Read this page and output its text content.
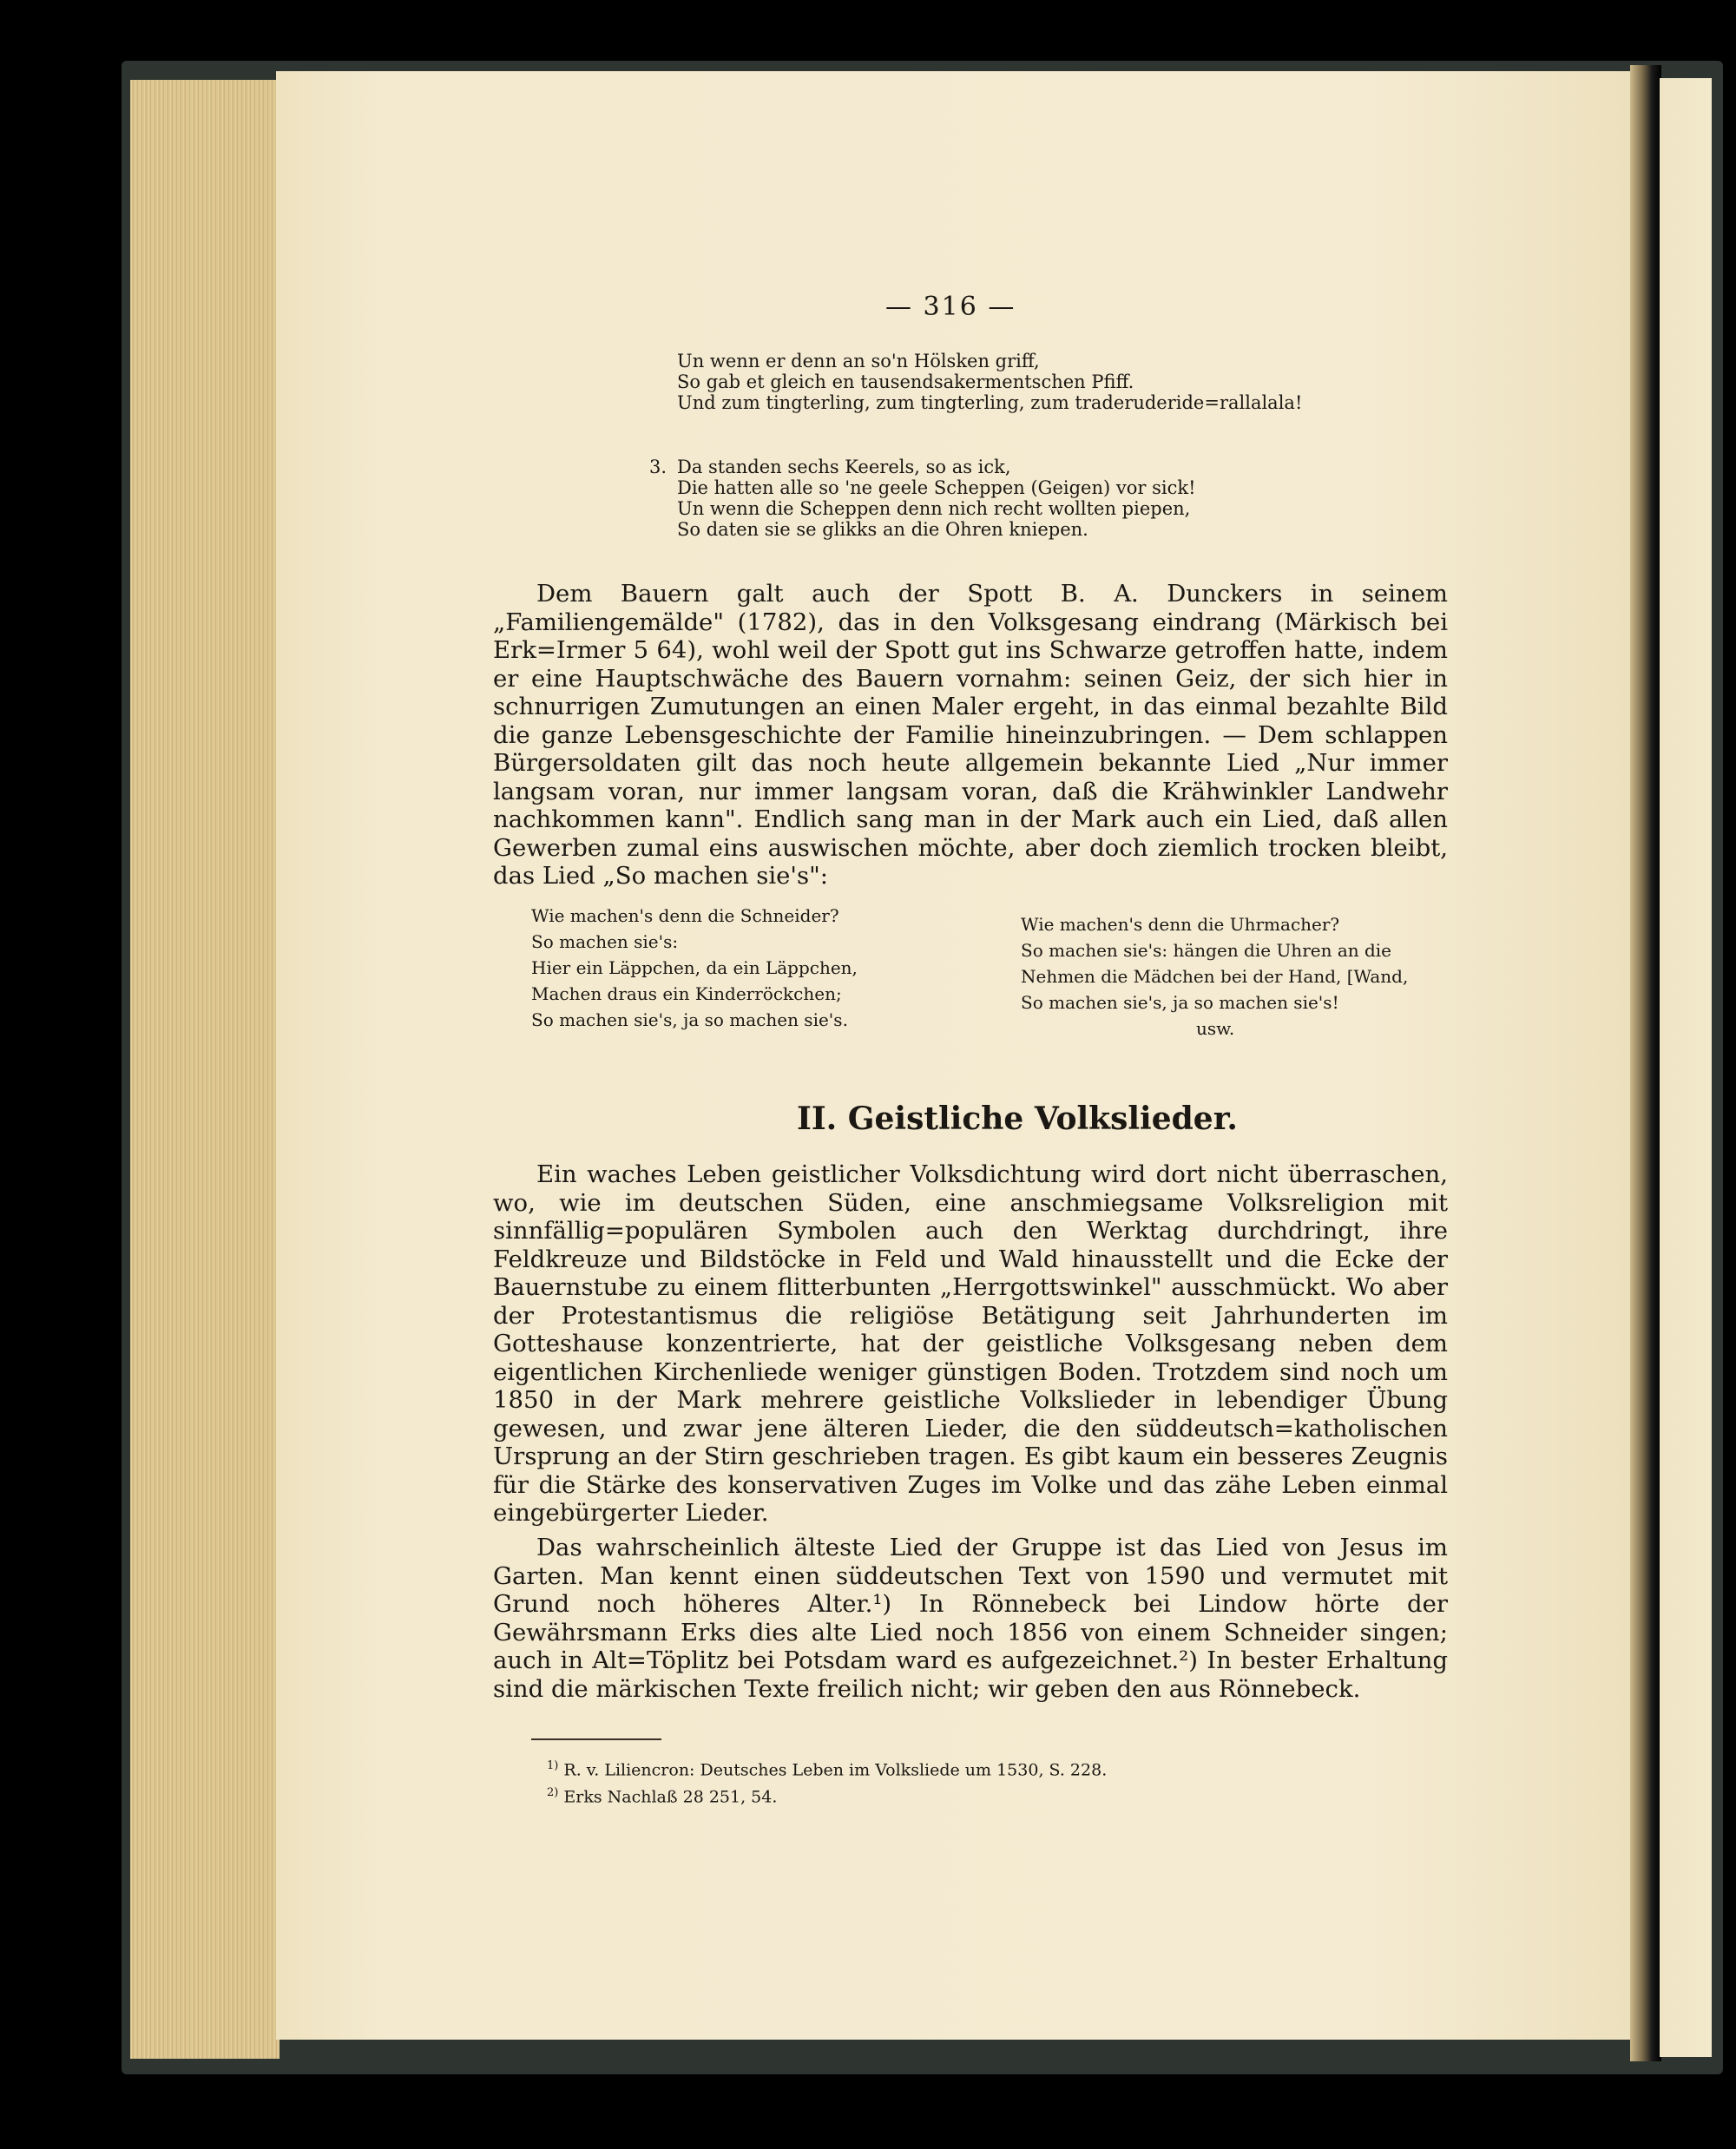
— 316 —
Un wenn er denn an so'n Hölsken griff,
So gab et gleich en tausendsakermentschen Pfiff.
Und zum tingterling, zum tingterling, zum traderuderide=rallalala!
3. Da standen sechs Keerels, so as ick,
Die hatten alle so 'ne geele Scheppen (Geigen) vor sick!
Un wenn die Scheppen denn nich recht wollten piepen,
So daten sie se glikks an die Ohren kniepen.
Dem Bauern galt auch der Spott B. A. Dunckers in seinem „Familiengemälde" (1782), das in den Volksgesang eindrang (Märkisch bei Erk=Irmer 5 64), wohl weil der Spott gut ins Schwarze getroffen hatte, indem er eine Hauptschwäche des Bauern vornahm: seinen Geiz, der sich hier in schnurrigen Zumutungen an einen Maler ergeht, in das einmal bezahlte Bild die ganze Lebensgeschichte der Familie hineinzubringen. — Dem schlappen Bürgersoldaten gilt das noch heute allgemein bekannte Lied „Nur immer langsam voran, nur immer langsam voran, daß die Krähwinkler Landwehr nachkommen kann". Endlich sang man in der Mark auch ein Lied, daß allen Gewerben zumal eins auswischen möchte, aber doch ziemlich trocken bleibt, das Lied „So machen sie's":
Wie machen's denn die Schneider?
So machen sie's:
Hier ein Läppchen, da ein Läppchen,
Machen draus ein Kinderröckchen;
So machen sie's, ja so machen sie's.
Wie machen's denn die Uhrmacher?
So machen sie's: hängen die Uhren an die
Nehmen die Mädchen bei der Hand, [Wand,
So machen sie's, ja so machen sie's!
usw.
II. Geistliche Volkslieder.
Ein waches Leben geistlicher Volksdichtung wird dort nicht überraschen, wo, wie im deutschen Süden, eine anschmiegsame Volksreligion mit sinnfällig=populären Symbolen auch den Werktag durchdringt, ihre Feldkreuze und Bildstöcke in Feld und Wald hinausstellt und die Ecke der Bauernstube zu einem flitterbunten „Herrgottswinkel" ausschmückt. Wo aber der Protestantismus die religiöse Betätigung seit Jahrhunderten im Gotteshause konzentrierte, hat der geistliche Volksgesang neben dem eigentlichen Kirchenliede weniger günstigen Boden. Trotzdem sind noch um 1850 in der Mark mehrere geistliche Volkslieder in lebendiger Übung gewesen, und zwar jene älteren Lieder, die den süddeutsch=katholischen Ursprung an der Stirn geschrieben tragen. Es gibt kaum ein besseres Zeugnis für die Stärke des konservativen Zuges im Volke und das zähe Leben einmal eingebürgerter Lieder.
Das wahrscheinlich älteste Lied der Gruppe ist das Lied von Jesus im Garten. Man kennt einen süddeutschen Text von 1590 und vermutet mit Grund noch höheres Alter.¹) In Rönnebeck bei Lindow hörte der Gewährsmann Erks dies alte Lied noch 1856 von einem Schneider singen; auch in Alt=Töplitz bei Potsdam ward es aufgezeichnet.²) In bester Erhaltung sind die märkischen Texte freilich nicht; wir geben den aus Rönnebeck.
$^{1)}$ R. v. Liliencron: Deutsches Leben im Volksliede um 1530, S. 228.
$^{2)}$ Erks Nachlaß 28 251, 54.
